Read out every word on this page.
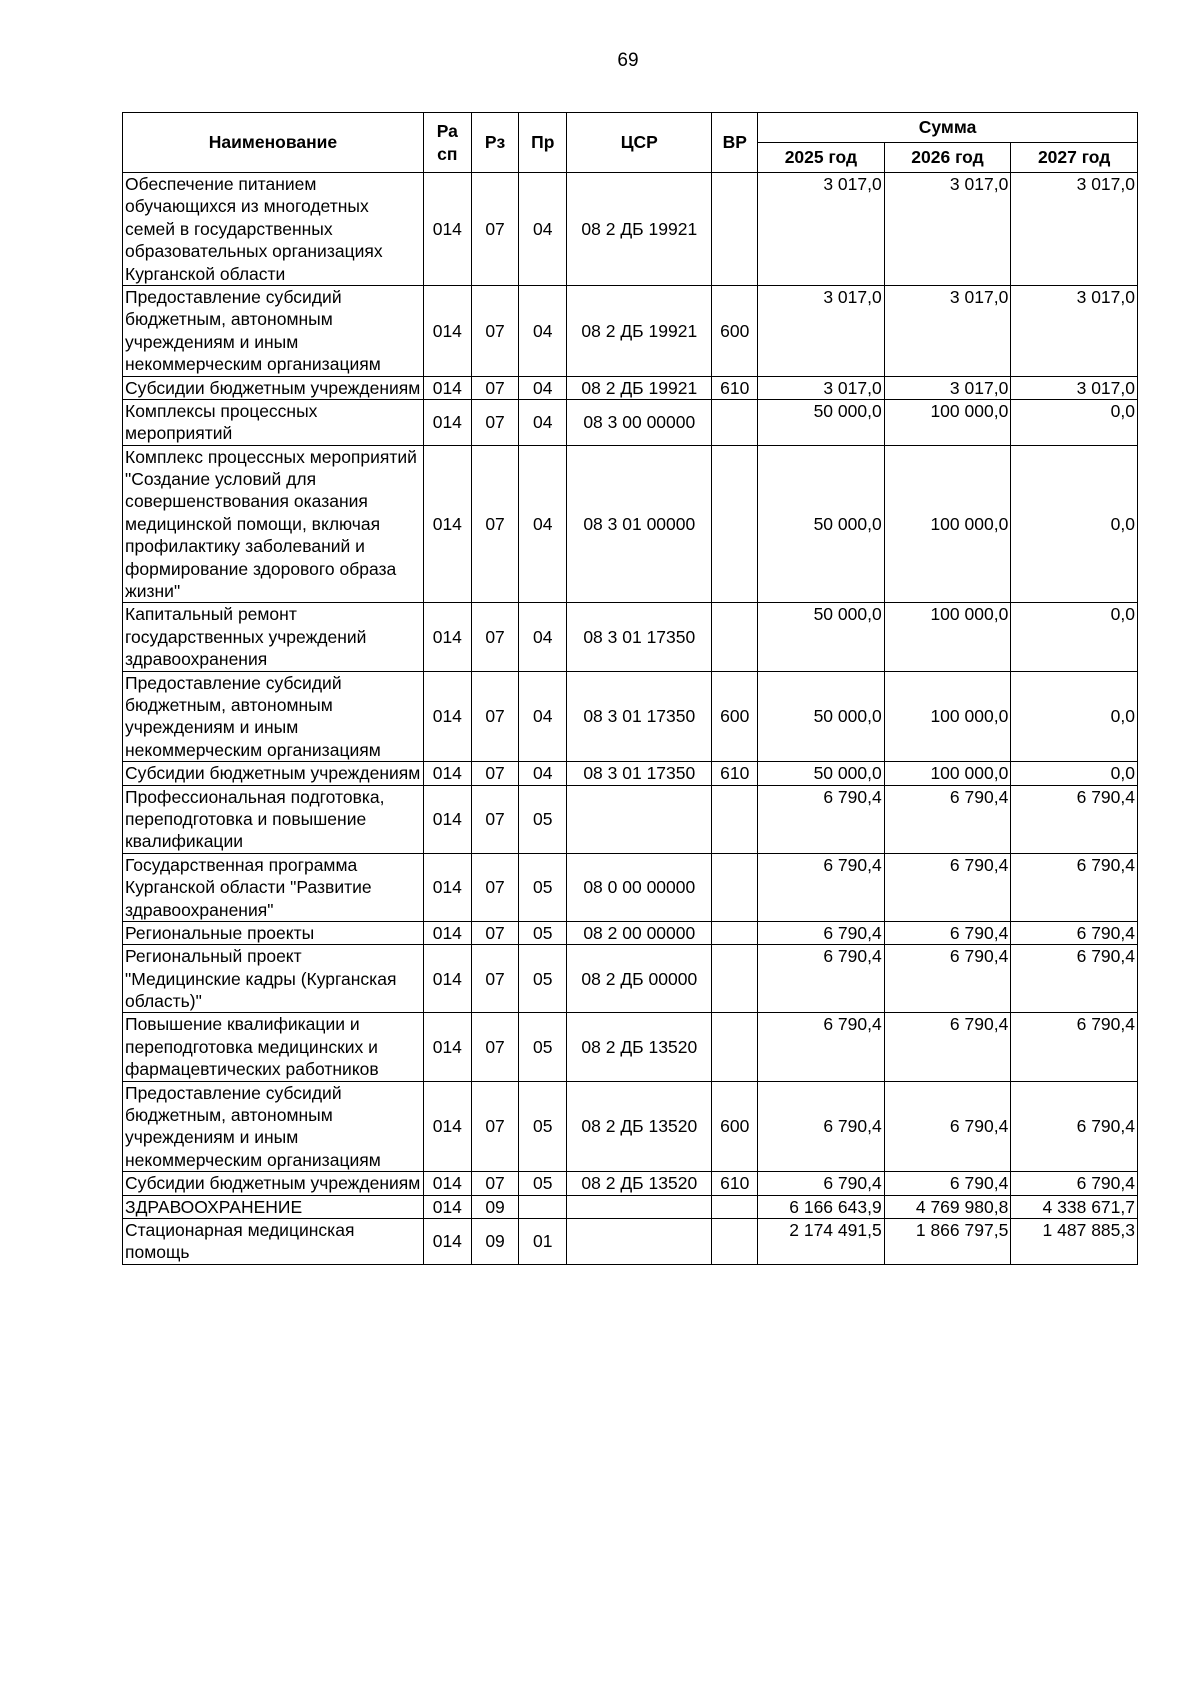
69
Наименование	Ра сп	Рз	Пр	ЦСР	ВР	Сумма		
						2025 год	2026 год	2027 год
Обеспечение питанием обучающихся из многодетных семей в государственных образовательных организациях Курганской области	014	07	04	08 2 ДБ 19921		3 017,0	3 017,0	3 017,0
Предоставление субсидий бюджетным, автономным учреждениям и иным некоммерческим организациям	014	07	04	08 2 ДБ 19921	600	3 017,0	3 017,0	3 017,0
Субсидии бюджетным учреждениям	014	07	04	08 2 ДБ 19921	610	3 017,0	3 017,0	3 017,0
Комплексы процессных мероприятий	014	07	04	08 3 00 00000		50 000,0	100 000,0	0,0
Комплекс процессных мероприятий "Создание условий для совершенствования оказания медицинской помощи, включая профилактику заболеваний и формирование здорового образа жизни"	014	07	04	08 3 01 00000		50 000,0	100 000,0	0,0
Капитальный ремонт государственных учреждений здравоохранения	014	07	04	08 3 01 17350		50 000,0	100 000,0	0,0
Предоставление субсидий бюджетным, автономным учреждениям и иным некоммерческим организациям	014	07	04	08 3 01 17350	600	50 000,0	100 000,0	0,0
Субсидии бюджетным учреждениям	014	07	04	08 3 01 17350	610	50 000,0	100 000,0	0,0
Профессиональная подготовка, переподготовка и повышение квалификации	014	07	05			6 790,4	6 790,4	6 790,4
Государственная программа Курганской области "Развитие здравоохранения"	014	07	05	08 0 00 00000		6 790,4	6 790,4	6 790,4
Региональные проекты	014	07	05	08 2 00 00000		6 790,4	6 790,4	6 790,4
Региональный проект "Медицинские кадры (Курганская область)"	014	07	05	08 2 ДБ 00000		6 790,4	6 790,4	6 790,4
Повышение квалификации и переподготовка медицинских и фармацевтических работников	014	07	05	08 2 ДБ 13520		6 790,4	6 790,4	6 790,4
Предоставление субсидий бюджетным, автономным учреждениям и иным некоммерческим организациям	014	07	05	08 2 ДБ 13520	600	6 790,4	6 790,4	6 790,4
Субсидии бюджетным учреждениям	014	07	05	08 2 ДБ 13520	610	6 790,4	6 790,4	6 790,4
ЗДРАВООХРАНЕНИЕ	014	09				6 166 643,9	4 769 980,8	4 338 671,7
Стационарная медицинская помощь	014	09	01			2 174 491,5	1 866 797,5	1 487 885,3
